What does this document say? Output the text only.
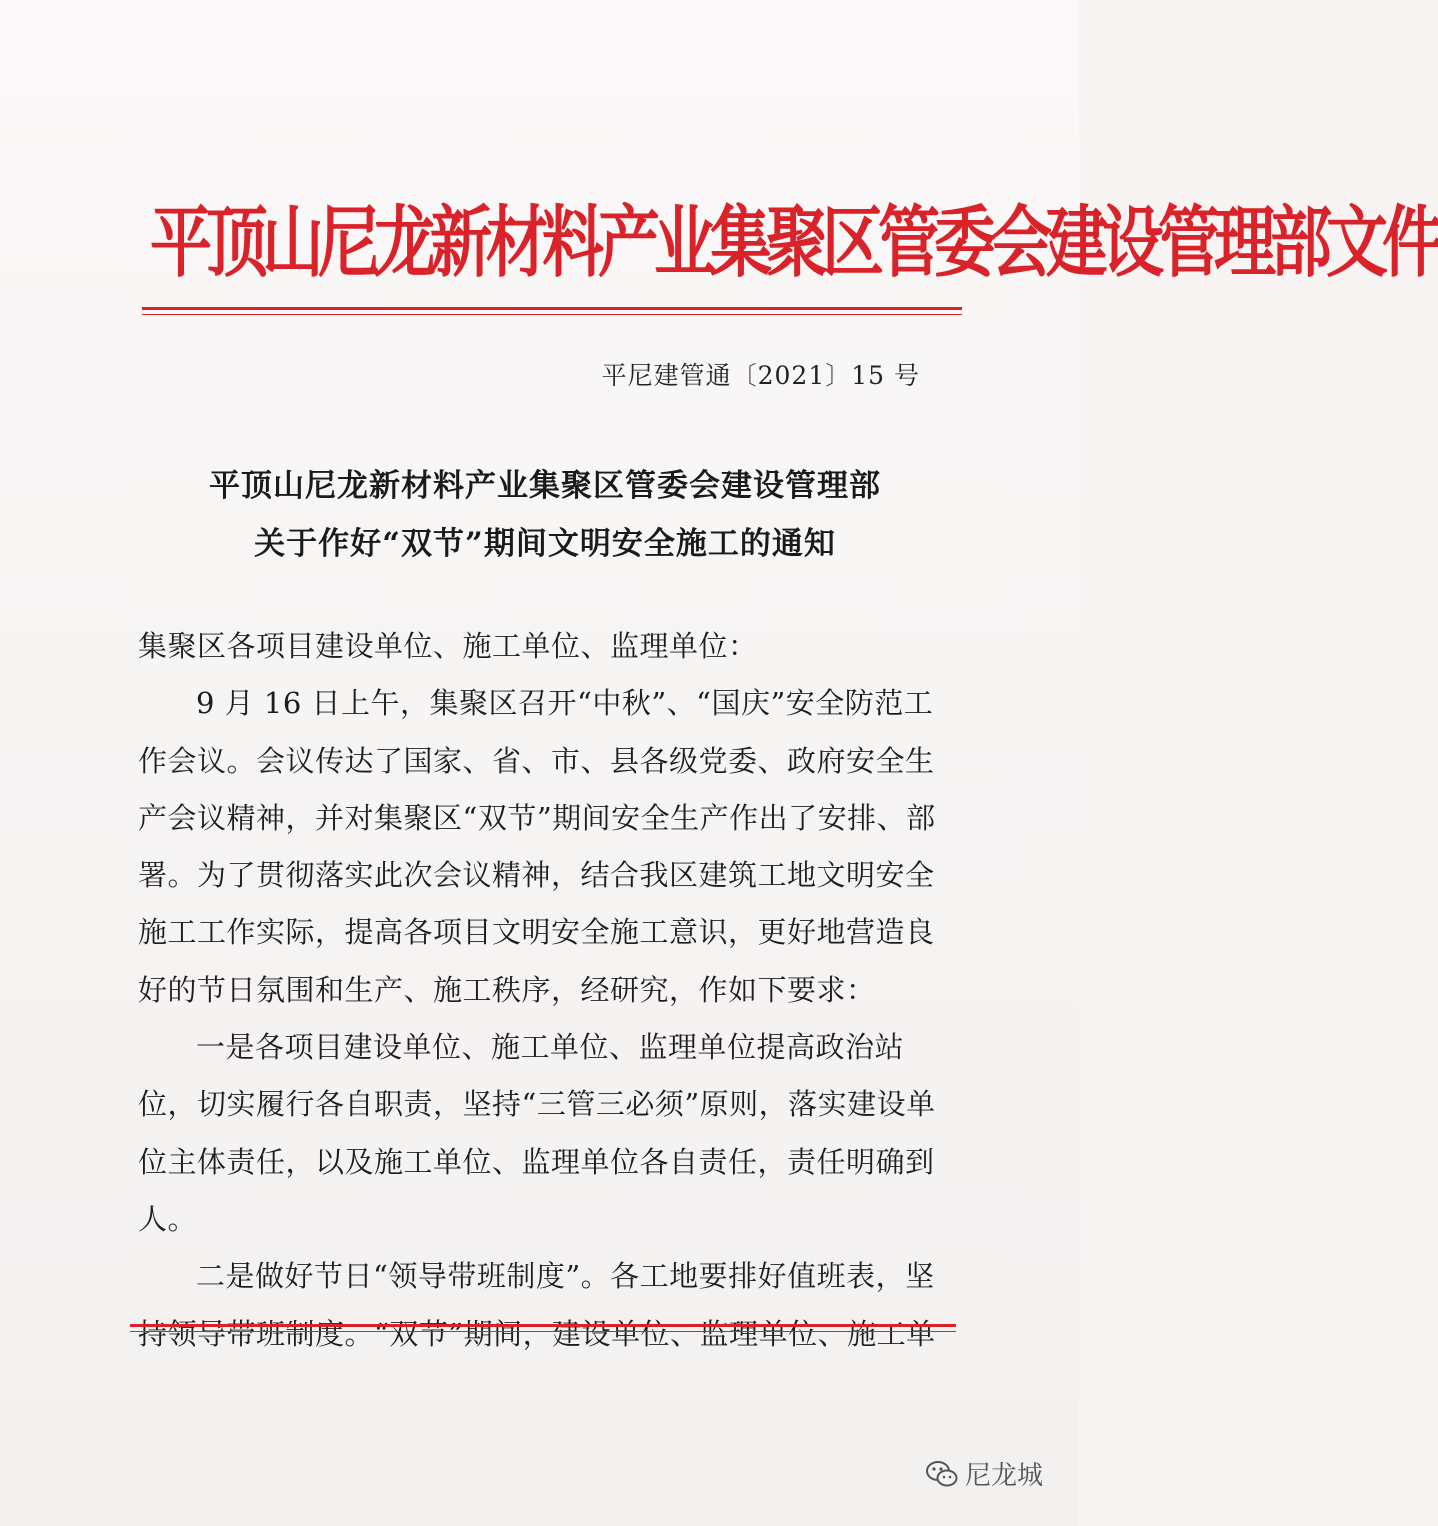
平顶山尼龙新材料产业集聚区管委会建设管理部文件
平尼建管通〔2021〕15 号
平顶山尼龙新材料产业集聚区管委会建设管理部
关于作好“双节”期间文明安全施工的通知

集聚区各项目建设单位、施工单位、监理单位：

9 月 16 日上午，集聚区召开“中秋”、“国庆”安全防范工作会议。会议传达了国家、省、市、县各级党委、政府安全生产会议精神，并对集聚区“双节”期间安全生产作出了安排、部署。为了贯彻落实此次会议精神，结合我区建筑工地文明安全施工工作实际，提高各项目文明安全施工意识，更好地营造良好的节日氛围和生产、施工秩序，经研究，作如下要求：

一是各项目建设单位、施工单位、监理单位提高政治站位，切实履行各自职责，坚持“三管三必须”原则，落实建设单位主体责任，以及施工单位、监理单位各自责任，责任明确到人。

二是做好节日“领导带班制度”。各工地要排好值班表，坚持领导带班制度。“双节”期间，建设单位、监理单位、施工单

尼龙城
